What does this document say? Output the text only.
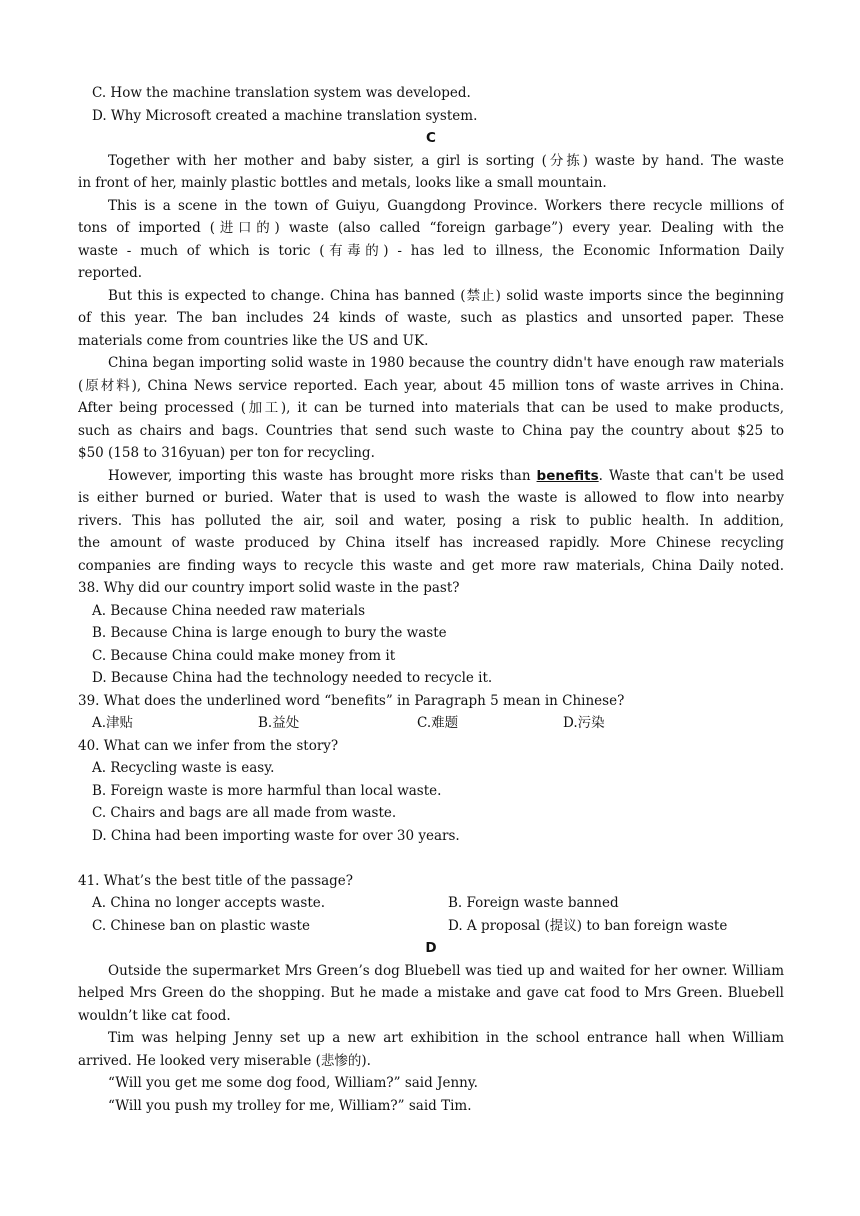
C. How the machine translation system was developed.
D. Why Microsoft created a machine translation system.
C
Together with her mother and baby sister, a girl is sorting (分拣) waste by hand. The waste
in front of her, mainly plastic bottles and metals, looks like a small mountain.
This is a scene in the town of Guiyu, Guangdong Province. Workers there recycle millions of
tons of imported (进口的) waste (also called “foreign garbage”) every year. Dealing with the
waste - much of which is toric (有毒的) - has led to illness, the Economic Information Daily
reported.
But this is expected to change. China has banned (禁止) solid waste imports since the beginning
of this year. The ban includes 24 kinds of waste, such as plastics and unsorted paper. These
materials come from countries like the US and UK.
China began importing solid waste in 1980 because the country didn't have enough raw materials
(原材料), China News service reported. Each year, about 45 million tons of waste arrives in China.
After being processed (加工), it can be turned into materials that can be used to make products,
such as chairs and bags. Countries that send such waste to China pay the country about $25 to
$50 (158 to 316yuan) per ton for recycling.
However, importing this waste has brought more risks than benefits. Waste that can't be used
is either burned or buried. Water that is used to wash the waste is allowed to flow into nearby
rivers. This has polluted the air, soil and water, posing a risk to public health. In addition,
the amount of waste produced by China itself has increased rapidly. More Chinese recycling
companies are finding ways to recycle this waste and get more raw materials, China Daily noted.
38. Why did our country import solid waste in the past?
A. Because China needed raw materials
B. Because China is large enough to bury the waste
C. Because China could make money from it
D. Because China had the technology needed to recycle it.
39. What does the underlined word “benefits” in Paragraph 5 mean in Chinese?
A.津贴	B.益处	C.难题	D.污染
40. What can we infer from the story?
A. Recycling waste is easy.
B. Foreign waste is more harmful than local waste.
C. Chairs and bags are all made from waste.
D. China had been importing waste for over 30 years.
41. What’s the best title of the passage?
A. China no longer accepts waste.	B. Foreign waste banned
C. Chinese ban on plastic waste	D. A proposal (提议) to ban foreign waste
D
Outside the supermarket Mrs Green’s dog Bluebell was tied up and waited for her owner. William
helped Mrs Green do the shopping. But he made a mistake and gave cat food to Mrs Green. Bluebell
wouldn’t like cat food.
Tim was helping Jenny set up a new art exhibition in the school entrance hall when William
arrived. He looked very miserable (悲惨的).
“Will you get me some dog food, William?” said Jenny.
“Will you push my trolley for me, William?” said Tim.
